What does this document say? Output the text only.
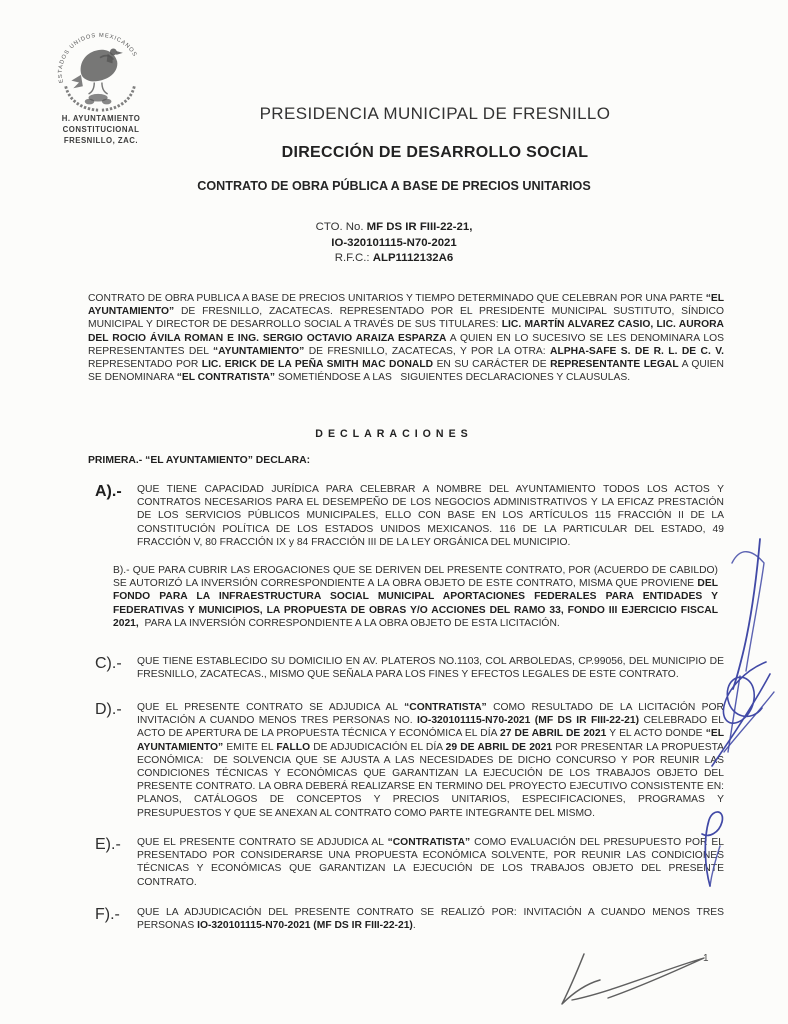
ESTADOS UNIDOS MEXICANOS
H. AYUNTAMIENTO
CONSTITUCIONAL
FRESNILLO, ZAC.
PRESIDENCIA MUNICIPAL DE FRESNILLO
DIRECCIÓN DE DESARROLLO SOCIAL
CONTRATO DE OBRA PÚBLICA A BASE DE PRECIOS UNITARIOS
CTO. No. MF DS IR FIII-22-21,
IO-320101115-N70-2021
R.F.C.: ALP1112132A6

CONTRATO DE OBRA PUBLICA A BASE DE PRECIOS UNITARIOS Y TIEMPO DETERMINADO QUE CELEBRAN POR UNA PARTE “EL AYUNTAMIENTO” DE FRESNILLO, ZACATECAS. REPRESENTADO POR EL PRESIDENTE MUNICIPAL SUSTITUTO, SÍNDICO MUNICIPAL Y DIRECTOR DE DESARROLLO SOCIAL A TRAVÉS DE SUS TITULARES: LIC. MARTÍN ALVAREZ CASIO, LIC. AURORA DEL ROCIO ÁVILA ROMAN E ING. SERGIO OCTAVIO ARAIZA ESPARZA A QUIEN EN LO SUCESIVO SE LES DENOMINARA LOS REPRESENTANTES DEL “AYUNTAMIENTO” DE FRESNILLO, ZACATECAS, Y POR LA OTRA: ALPHA-SAFE S. DE R. L. DE C. V. REPRESENTADO POR LIC. ERICK DE LA PEÑA SMITH MAC DONALD EN SU CARÁCTER DE REPRESENTANTE LEGAL A QUIEN SE DENOMINARA “EL CONTRATISTA” SOMETIÉNDOSE A LAS   SIGUIENTES DECLARACIONES Y CLAUSULAS.

DECLARACIONES
PRIMERA.- “EL AYUNTAMIENTO” DECLARA:
A).-	QUE TIENE CAPACIDAD JURÍDICA PARA CELEBRAR A NOMBRE DEL AYUNTAMIENTO TODOS LOS ACTOS Y CONTRATOS NECESARIOS PARA EL DESEMPEÑO DE LOS NEGOCIOS ADMINISTRATIVOS Y LA EFICAZ PRESTACIÓN DE LOS SERVICIOS PÚBLICOS MUNICIPALES, ELLO CON BASE EN LOS ARTÍCULOS 115 FRACCIÓN II DE LA CONSTITUCIÓN POLÍTICA DE LOS ESTADOS UNIDOS MEXICANOS. 116 DE LA PARTICULAR DEL ESTADO, 49 FRACCIÓN V, 80 FRACCIÓN IX y 84 FRACCIÓN III DE LA LEY ORGÁNICA DEL MUNICIPIO.

B).- QUE PARA CUBRIR LAS EROGACIONES QUE SE DERIVEN DEL PRESENTE CONTRATO, POR (ACUERDO DE CABILDO) SE AUTORIZÓ LA INVERSIÓN CORRESPONDIENTE A LA OBRA OBJETO DE ESTE CONTRATO, MISMA QUE PROVIENE DEL FONDO PARA LA INFRAESTRUCTURA SOCIAL MUNICIPAL APORTACIONES FEDERALES PARA ENTIDADES Y FEDERATIVAS Y MUNICIPIOS, LA PROPUESTA DE OBRAS Y/O ACCIONES DEL RAMO 33, FONDO III EJERCICIO FISCAL 2021,  PARA LA INVERSIÓN CORRESPONDIENTE A LA OBRA OBJETO DE ESTA LICITACIÓN.

C).-	QUE TIENE ESTABLECIDO SU DOMICILIO EN AV. PLATEROS NO.1103, COL ARBOLEDAS, CP.99056, DEL MUNICIPIO DE FRESNILLO, ZACATECAS., MISMO QUE SEÑALA PARA LOS FINES Y EFECTOS LEGALES DE ESTE CONTRATO.
D).-	QUE EL PRESENTE CONTRATO SE ADJUDICA AL “CONTRATISTA” COMO RESULTADO DE LA LICITACIÓN POR INVITACIÓN A CUANDO MENOS TRES PERSONAS NO. IO-320101115-N70-2021 (MF DS IR FIII-22-21) CELEBRADO EL ACTO DE APERTURA DE LA PROPUESTA TÉCNICA Y ECONÓMICA EL DÍA 27 DE ABRIL DE 2021 Y EL ACTO DONDE “EL AYUNTAMIENTO” EMITE EL FALLO DE ADJUDICACIÓN EL DÍA 29 DE ABRIL DE 2021 POR PRESENTAR LA PROPUESTA ECONÓMICA:  DE SOLVENCIA QUE SE AJUSTA A LAS NECESIDADES DE DICHO CONCURSO Y POR REUNIR LAS CONDICIONES TÉCNICAS Y ECONÓMICAS QUE GARANTIZAN LA EJECUCIÓN DE LOS TRABAJOS OBJETO DEL PRESENTE CONTRATO. LA OBRA DEBERÁ REALIZARSE EN TERMINO DEL PROYECTO EJECUTIVO CONSISTENTE EN: PLANOS, CATÁLOGOS DE CONCEPTOS Y PRECIOS UNITARIOS, ESPECIFICACIONES, PROGRAMAS Y PRESUPUESTOS Y QUE SE ANEXAN AL CONTRATO COMO PARTE INTEGRANTE DEL MISMO.
E).-	QUE EL PRESENTE CONTRATO SE ADJUDICA AL “CONTRATISTA” COMO EVALUACIÓN DEL PRESUPUESTO POR EL PRESENTADO POR CONSIDERARSE UNA PROPUESTA ECONÓMICA SOLVENTE, POR REUNIR LAS CONDICIONES TÉCNICAS Y ECONÓMICAS QUE GARANTIZAN LA EJECUCIÓN DE LOS TRABAJOS OBJETO DEL PRESENTE CONTRATO.
F).-	QUE LA ADJUDICACIÓN DEL PRESENTE CONTRATO SE REALIZÓ POR: INVITACIÓN A CUANDO MENOS TRES PERSONAS IO-320101115-N70-2021 (MF DS IR FIII-22-21).
1
